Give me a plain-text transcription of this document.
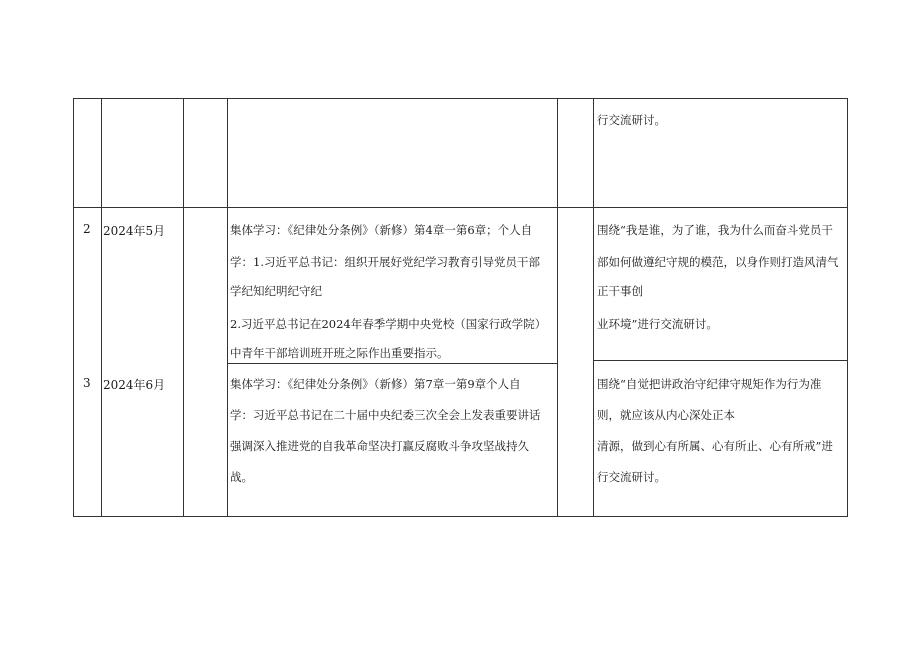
行交流研讨。
2 2024年5月	集体学习：《纪律处分条例》（新修）第4章一第6章；个人自
学：1.习近平总书记：组织开展好党纪学习教育引导党员干部
学纪知纪明纪守纪
2.习近平总书记在2024年春季学期中央党校（国家行政学院）
中青年干部培训班开班之际作出重要指示。
围绕“我是谁，为了谁，我为什么而奋斗党员干
部如何做遵纪守规的模范，以身作则打造风清气
正干事创
业环境”进行交流研讨。
3 2024年6月	集体学习：《纪律处分条例》（新修）第7章一第9章个人自
学：习近平总书记在二十届中央纪委三次全会上发表重要讲话
强调深入推进党的自我革命坚决打赢反腐败斗争攻坚战持久
战。
围绕“自觉把讲政治守纪律守规矩作为行为准
则，就应该从内心深处正本
清源，做到心有所属、心有所止、心有所戒”进
行交流研讨。
